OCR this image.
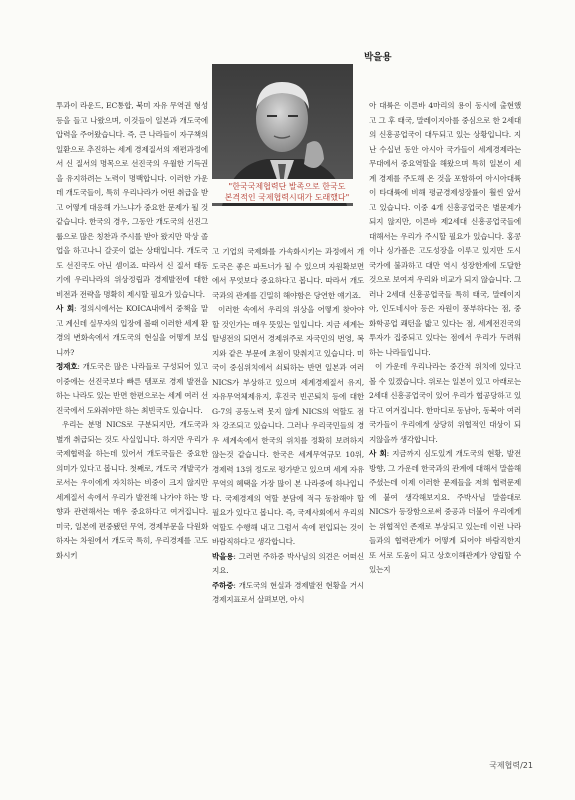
"한국국제협력단 발족으로 한국도
본격적인 국제협력시대가 도래했다"
박을용

투과이 라운드, EC통합, 북미 자유 무역권 형성 등을 들고 나왔으며, 이것들이 일본과 개도국에 압력을 주어왔습니다. 즉, 큰 나라들이 자구책의 일환으로 추진하는 세계 경제질서의 재편과정에서 신 질서의 명목으로 선진국의 우월한 기득권을 유지하려는 노력이 명백합니다. 이러한 가운데 개도국들이, 특히 우리나라가 어떤 취급을 받고 어떻게 대응해 가느냐가 중요한 문제가 될 것 같습니다. 한국의 경우, 그동안 개도국의 선진그룹으로 많은 칭찬과 주시를 받아 왔지만 막상 졸업을 하고나니 갈곳이 없는 상태입니다. 개도국도 선진국도 아닌 셈이죠. 따라서 신 질서 태동기에 우리나라의 위상정립과 경제발전에 대한 비전과 전략을 명확히 제시할 필요가 있습니다.

사 회: 정의시에서는 KOICA내에서 중책을 맡고 계신데 실무자의 입장에 볼때 이러한 세계 환경의 변화속에서 개도국의 현실을 어떻게 보십니까?

정재호: 개도국은 많은 나라들로 구성되어 있고 이중에는 선진국보다 빠른 템포로 경제 발전을 하는 나라도 있는 반면 한편으로는 세계 여러 선진국에서 도와줘야만 하는 최빈국도 있습니다.

우리는 분명 NICS로 구분되지만, 개도국과 별개 취급되는 것도 사실입니다. 하지만 우리가 국제협력을 하는데 있어서 개도국들은 중요한 의미가 있다고 봅니다. 첫째로, 개도국 개발국가로서는 우이에게 자치하는 비중이 크지 않지만 세계질서 속에서 우리가 발전해 나가야 하는 방향과 관련해서는 매우 중요하다고 여겨집니다. 미국, 일본에 편중됐던 무역, 경제부문을 다원화 하자는 차원에서 개도국 특히, 우리경제를 고도화시키

고 기업의 국제화를 가속화시키는 과정에서 개도국은 좋은 파트너가 될 수 있으며 자원확보면에서 무엇보다 중요하다고 봅니다. 따라서 개도국과의 관계를 긴밀히 해야함은 당연한 얘기죠.

이러한 속에서 우리의 위상을 어떻게 찾아야 할 것인가는 매우 뜻있는 일입니다. 지금 세계는 탈냉전의 되면서 경제위주로 자국민의 번영, 복지와 같은 부문에 초점이 맞춰지고 있습니다. 미국이 중심위치에서 쇠퇴하는 반면 일본과 여러 NICS가 부상하고 있으며 세계경제질서 유지, 자유무역체제유지, 후진국 빈곤퇴치 등에 대한 G-7의 공동노력 못지 않게 NICS의 역할도 점차 강조되고 있습니다. 그러나 우리국민들의 경우 세계속에서 한국의 위치를 정확히 보려하지 않는것 같습니다. 한국은 세계무역규모 10위, 경제력 13위 정도로 평가받고 있으며 세계 자유무역의 혜택을 가장 많이 본 나라중에 하나입니다. 국제경제의 역할 분담에 적극 동참해야 할 필요가 있다고 봅니다. 즉, 국제사회에서 우리의 역할도 수행해 내고 그럼서 속에 편입되는 것이 바람직하다고 생각합니다.

박을용: 그러면 주하중 박사님의 의견은 어떠신지요.

주하중: 개도국의 현실과 경제발전 현황을 거시경제지표로서 살펴보면, 아시

아 대륙은 이른바 4마리의 용이 동시에 출현했고 그 후 태국, 말레이지아를 중심으로 한 2세대의 신흥공업국이 대두되고 있는 상황입니다. 지난 수십년 동안 아시아 국가들이 세계경제라는 무대에서 중요역할을 해왔으며 특히 일본이 세계 경제를 주도해 온 것을 포함하여 아시아대륙이 타대륙에 비해 평균경제성장률이 훨씬 앞서고 있습니다. 이중 4개 신흥공업국은 별문제가 되지 않지만, 이른바 제2세대 신흥공업국들에 대해서는 우리가 주시할 필요가 있습니다. 홍콩이나 싱가폴은 고도성장을 이루고 있지만 도시국가에 불과하고 대만 역시 성장한계에 도달한 것으로 보여져 우리와 비교가 되지 않습니다. 그러나 2세대 신흥공업국들 특히 태국, 말레이지아, 인도네시아 등은 자원이 풍부하다는 점, 중화학공업 쾌턴을 밟고 있다는 점, 세계전진국의 투자가 집중되고 있다는 점에서 우리가 두려워하는 나라들입니다.

이 가운데 우리나라는 중간적 위치에 있다고 볼 수 있겠습니다. 위로는 일본이 있고 아래로는 2세대 신흥공업국이 있어 우리가 협공당하고 있다고 여겨집니다. 한마디로 동남아, 동북아 여러국가들이 우리에게 상당히 위협적인 대상이 되지않을까 생각합니다.

사 회: 지금까지 심도있게 개도국의 현황, 발전방향, 그 가운데 한국과의 관계에 대해서 말씀해 주셨는데 이제 이러한 문제들을 저희 협력문제에 붙여 생각해보지요. 주박사님 말씀대로 NICS가 등장함으로써 중공과 더불어 우리에게는 위협적인 존재로 부상되고 있는데 이런 나라들과의 협력관계가 어떻게 되어야 바람직한지 또 서로 도움이 되고 상호이해관계가 양립할 수 있는지

국제협력/21
